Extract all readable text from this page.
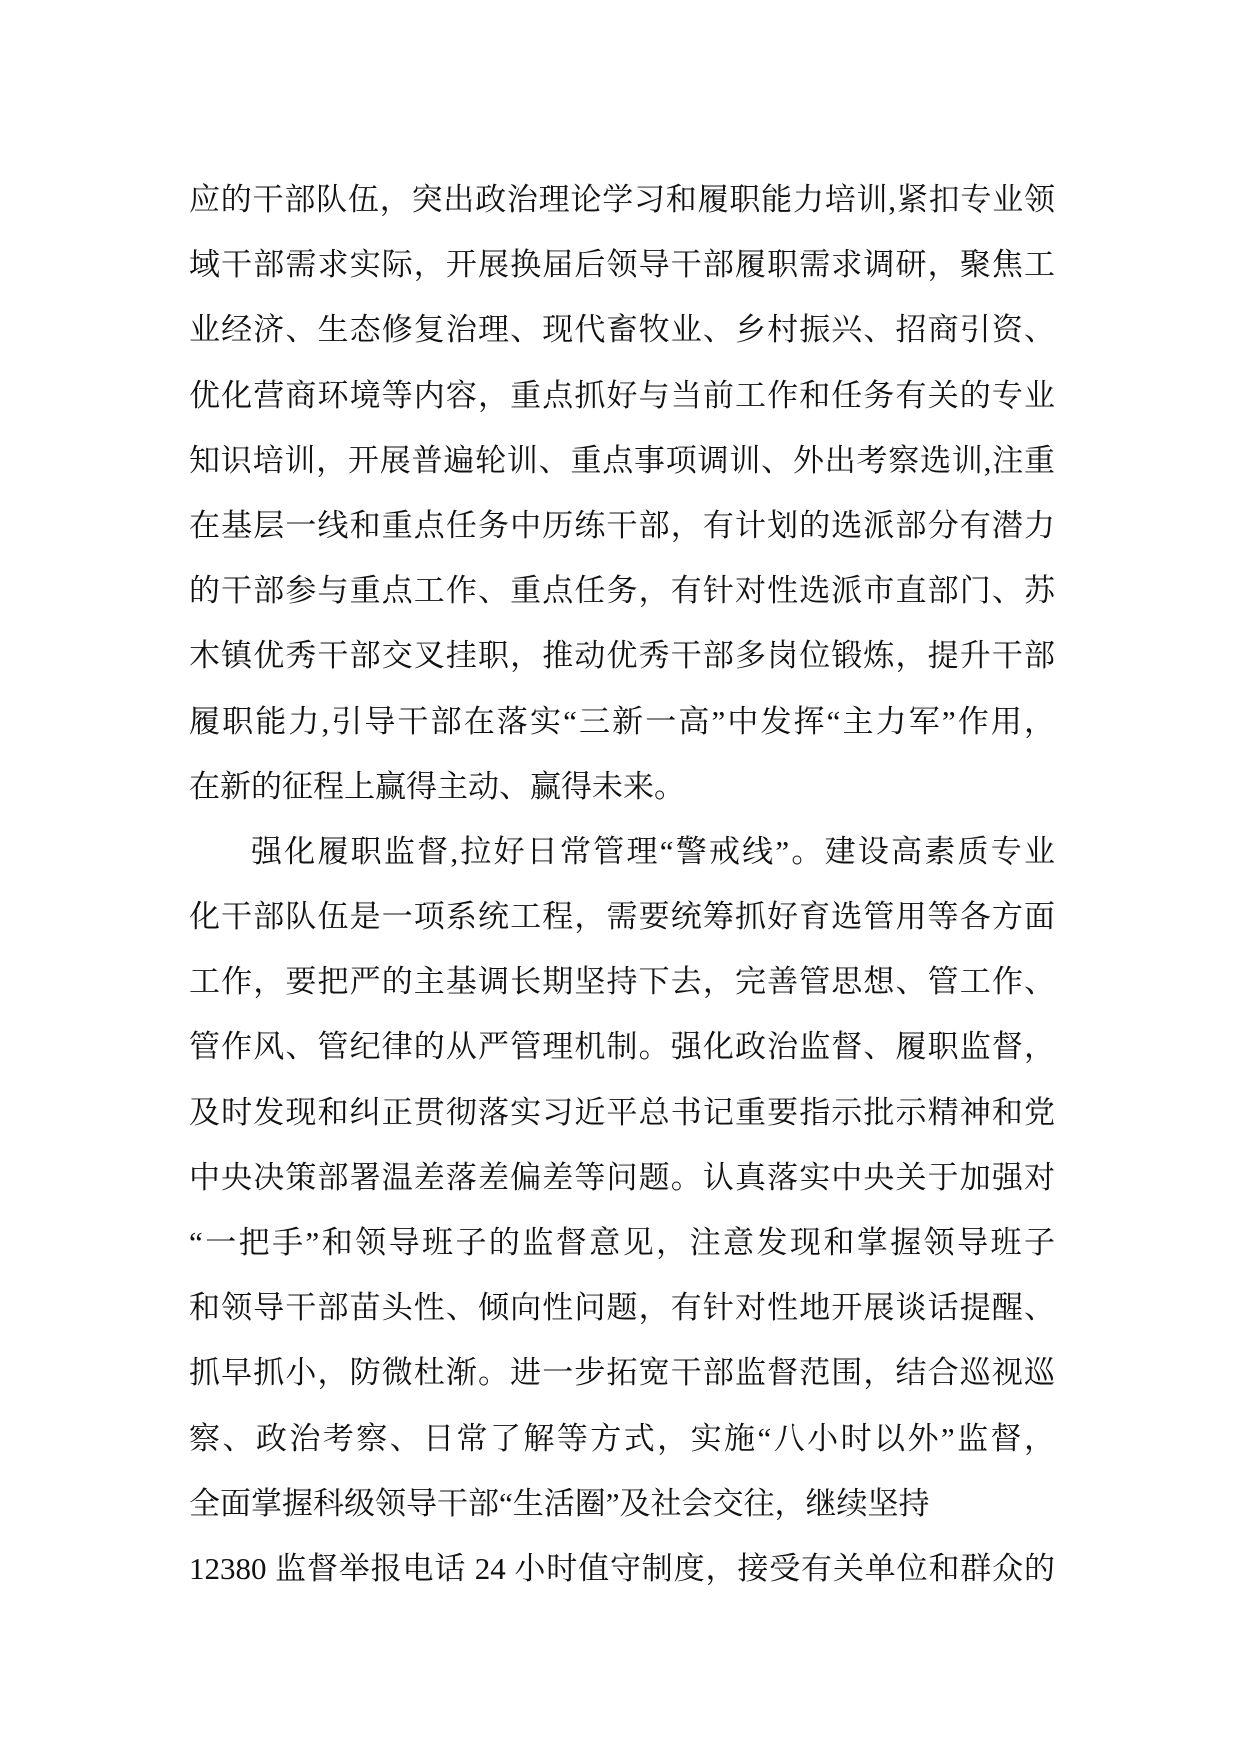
应的干部队伍，突出政治理论学习和履职能力培训,紧扣专业领
域干部需求实际，开展换届后领导干部履职需求调研，聚焦工
业经济、生态修复治理、现代畜牧业、乡村振兴、招商引资、
优化营商环境等内容，重点抓好与当前工作和任务有关的专业
知识培训，开展普遍轮训、重点事项调训、外出考察选训,注重
在基层一线和重点任务中历练干部，有计划的选派部分有潜力
的干部参与重点工作、重点任务，有针对性选派市直部门、苏
木镇优秀干部交叉挂职，推动优秀干部多岗位锻炼，提升干部
履职能力,引导干部在落实“三新一高”中发挥“主力军”作用，
在新的征程上赢得主动、赢得未来。
强化履职监督,拉好日常管理“警戒线”。建设高素质专业
化干部队伍是一项系统工程，需要统筹抓好育选管用等各方面
工作，要把严的主基调长期坚持下去，完善管思想、管工作、
管作风、管纪律的从严管理机制。强化政治监督、履职监督，
及时发现和纠正贯彻落实习近平总书记重要指示批示精神和党
中央决策部署温差落差偏差等问题。认真落实中央关于加强对
“一把手”和领导班子的监督意见，注意发现和掌握领导班子
和领导干部苗头性、倾向性问题，有针对性地开展谈话提醒、
抓早抓小，防微杜渐。进一步拓宽干部监督范围，结合巡视巡
察、政治考察、日常了解等方式，实施“八小时以外”监督，
全面掌握科级领导干部“生活圈”及社会交往，继续坚持
12380 监督举报电话 24 小时值守制度，接受有关单位和群众的
